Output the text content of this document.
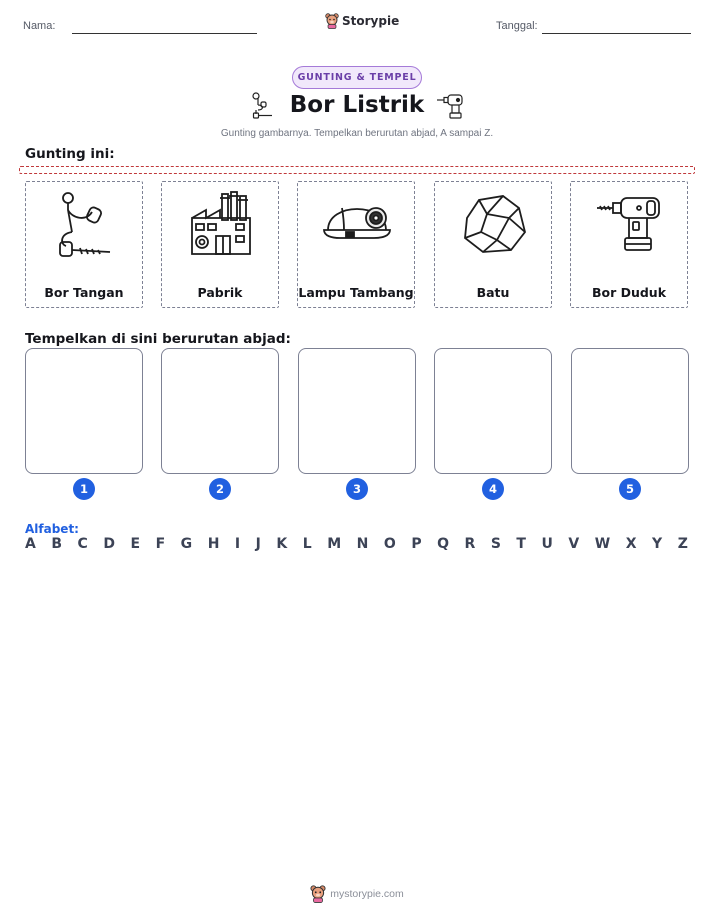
Nama:	Storypie	Tanggal:
GUNTING & TEMPEL
Bor Listrik
Gunting gambarnya. Tempelkan berurutan abjad, A sampai Z.
Gunting ini:
Bor Tangan	Pabrik	Lampu Tambang	Batu	Bor Duduk
Tempelkan di sini berurutan abjad:
1	2	3	4	5
Alfabet:
A B C D E F G H I J K L M N O P Q R S T U V W X Y Z
mystorypie.com
